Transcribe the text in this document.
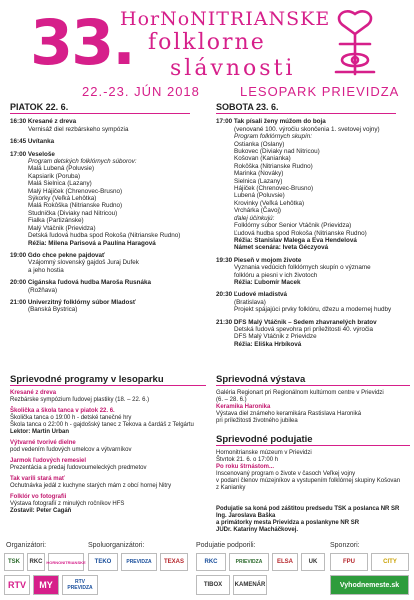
33.
HorNoNITRIANSKE
folklorne
slávnosti
22.-23. JÚN 2018	LESOPARK PRIEVIDZA
PIATOK 22. 6.
16:30 Kresané z dreva
Vernisáž diel rezbárskeho sympózia
16:45 Uvítanka
17:00 Veseloše
Program detských folklórnych súborov:
Malá Lubená (Poluvsie)
Kapsiarik (Poruba)
Malá Sielnica (Lazany)
Malý Hájiček (Chrenovec-Brusno)
Sýkorky (Veľká Lehôtka)
Malá Rokôška (Nitrianske Rudno)
Studnička (Diviaky nad Nitricou)
Fialka (Partizánske)
Malý Vtáčnik (Prievidza)
Detská ľudová hudba spod Rokoša (Nitrianske Rudno)
Réžia: Milena Parisová a Paulína Haragová
19:00 Gdo chce pekne pajdovať
Vzájomný slovenský gajdoš Juraj Dufek
a jeho hostia
20:00 Cigánska ľudová hudba Maroša Rusnáka
(Rožňava)
21:00 Univerzitný folklórny súbor Mladosť
(Banská Bystrica)
SOBOTA 23. 6.
17:00 Tak písali ženy múžom do boja
(venované 100. výročiu skončenia 1. svetovej vojny)
Program folklórnych skupín:
Ostianka (Oslany)
Bukovec (Diviaky nad Nitricou)
Košovan (Kanianka)
Rokôška (Nitrianske Rudno)
Marinka (Nováky)
Sielnica (Lazany)
Hájiček (Chrenovec-Brusno)
Lubená (Poluvsie)
Krovinky (Veľká Lehôtka)
Vrchárka (Čavoj)
ďalej účinkujú:
Folklórny súbor Senior Vtáčnik (Prievidza)
Ľudová hudba spod Rokoša (Nitrianske Rudno)
Réžia: Stanislav Malega a Eva Hendelová
Námet scenára: Iveta Géczyová
19:30 Pieseň v mojom živote
Vyznania vedúcich folklórnych skupín o význame
folklóru a piesni v ich životoch
Réžia: Ľubomír Macek
20:30 Ľudové mladistvá
(Bratislava)
Projekt spájajúci prvky folklóru, džezu a modernej hudby
21:30 DFS Malý Vtáčnik – Sedem zhavranelých bratov
Detská ľudová spevohra pri príležitosti 40. výročia
DFS Malý Vtáčnik z Prievidze
Réžia: Eliška Hrbíková
Sprievodné programy v lesoparku
Kresané z dreva
Rezbárske sympózium ľudovej plastiky (18. – 22. 6.)
Školička a škola tanca v piatok 22. 6.
Školička tanca o 19:00 h - detské tanečné hry
Škola tanca o 22:00 h - gajdošský tanec z Tekova a čardáš z Telgártu
Lektor: Martin Urban
Výtvarné tvorivé dielne
pod vedením ľudových umelcov a výtvarníkov
Jarmok ľudových remesiel
Prezentácia a predaj ľudovoumeleckých predmetov
Tak varili stará mať
Ochutnávka jedál z kuchyne starých mám z obcí hornej Nitry
Folklór vo fotografii
Výstava fotografií z minulých ročníkov HFS
Zostavil: Peter Cagáň
Sprievodná výstava
Galéria Regionart pri Regionálnom kultúrnom centre v Prievidzi
(6. – 28. 6.)
Keramika Haronika
Výstava diel známeho keramikára Rastislava Haroniká
pri príležitosti životného jubilea
Sprievodné podujatie
Hornonitrianske múzeum v Prievidzi
Štvrtok 21. 6. o 17:00 h
Po roku štrnástom...
Inscenovaný program o živote v časoch Veľkej vojny
v podaní členov múzejníkov a vystupením folklórnej skupiny Košovan
z Kanianky
Podujatie sa koná pod záštitou predsedu TSK a poslanca NR SR
Ing. Jaroslava Baška
a primátorky mesta Prievidza a poslankyne NR SR
JUDr. Kataríny Macháčkovej.
Organizátori:	Spoluorganizátori:	Podujatie podporili:	Sponzori:
TSK	RKC HORNONITRIANSKE	TEKO	PREVIDZA	TEXAS	RKC	PRIEVIDZA	ELSA	UK	FPU	CITY
RTV	MY	RTV PREVIDZA	TIBOX	KAMENÁR	Vyhodnemeste.sk
